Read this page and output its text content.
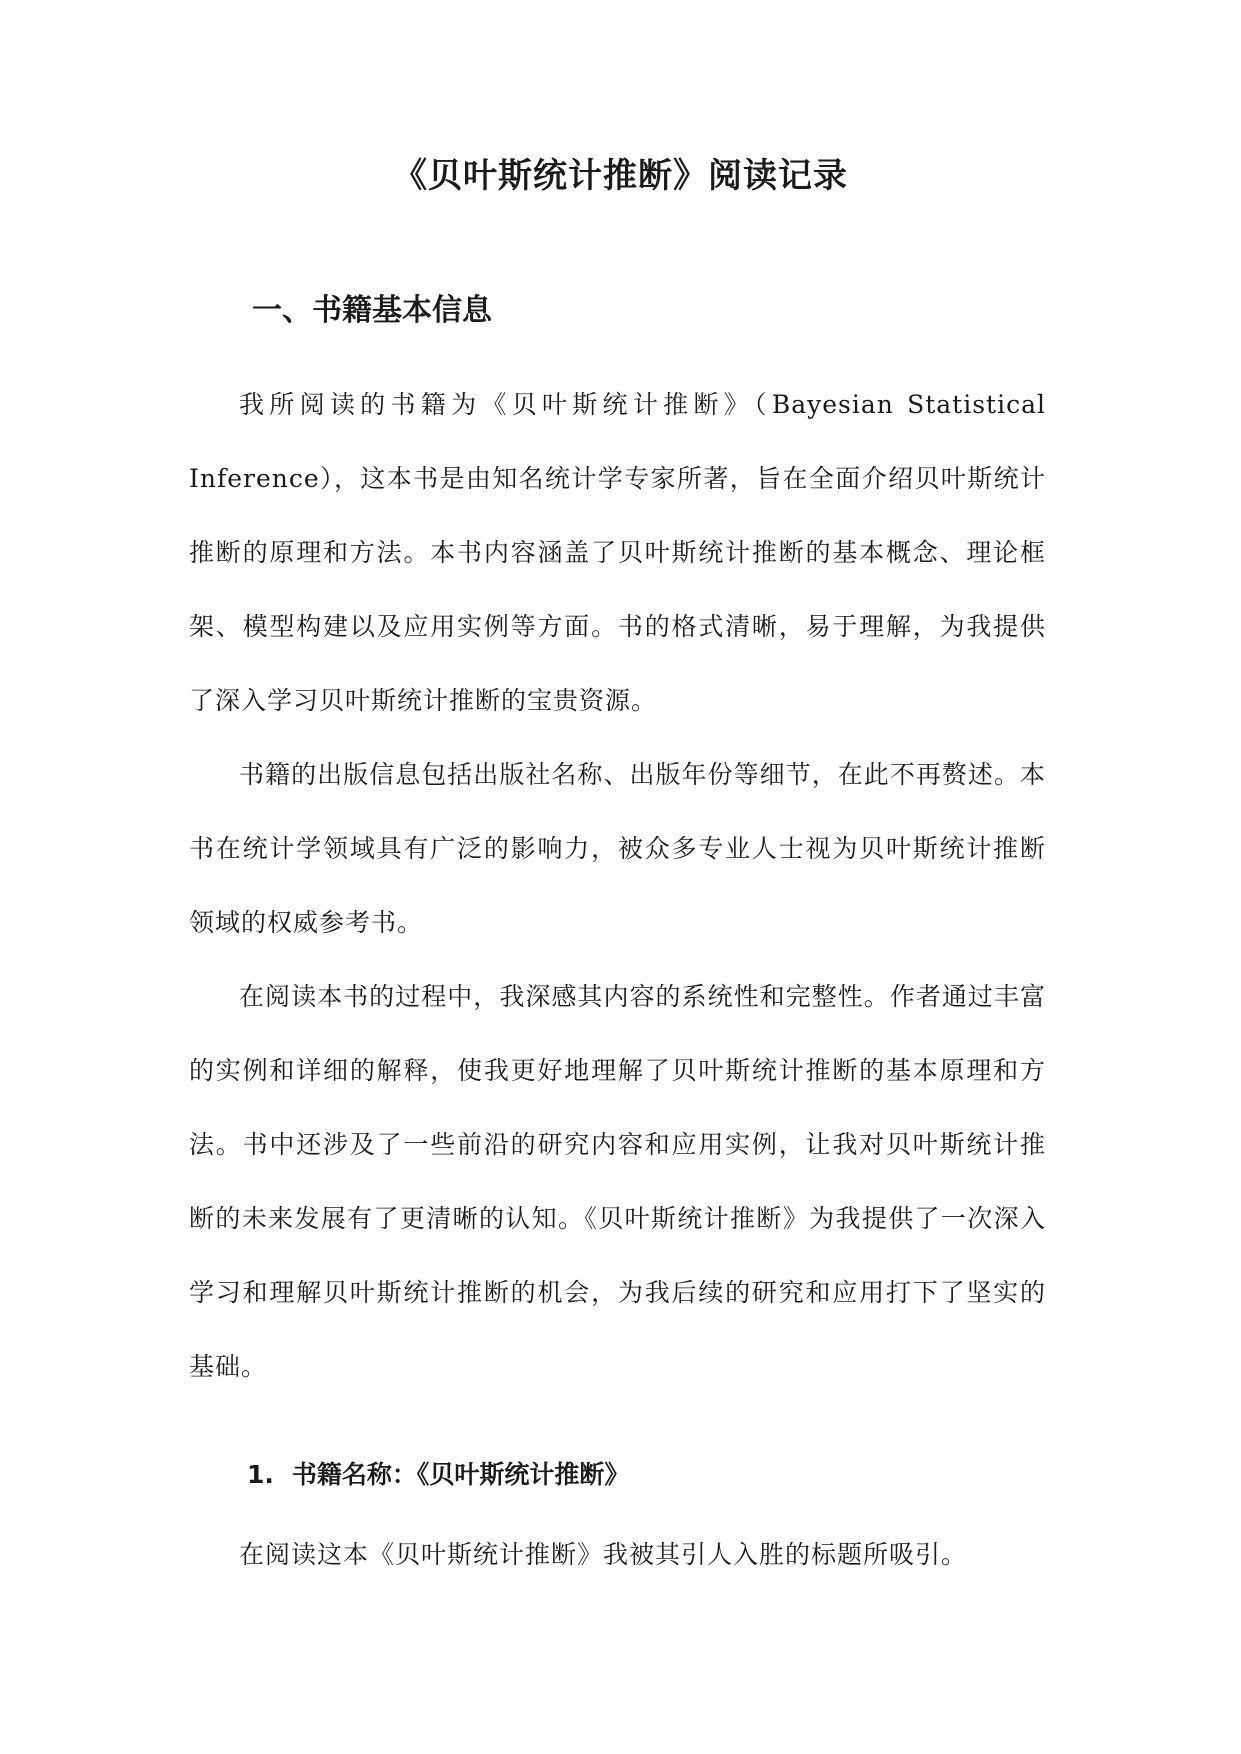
《贝叶斯统计推断》阅读记录
一、书籍基本信息

我所阅读的书籍为《贝叶斯统计推断》（Bayesian Statistical Inference），这本书是由知名统计学专家所著，旨在全面介绍贝叶斯统计推断的原理和方法。本书内容涵盖了贝叶斯统计推断的基本概念、理论框架、模型构建以及应用实例等方面。书的格式清晰，易于理解，为我提供了深入学习贝叶斯统计推断的宝贵资源。

书籍的出版信息包括出版社名称、出版年份等细节，在此不再赘述。本书在统计学领域具有广泛的影响力，被众多专业人士视为贝叶斯统计推断领域的权威参考书。

在阅读本书的过程中，我深感其内容的系统性和完整性。作者通过丰富的实例和详细的解释，使我更好地理解了贝叶斯统计推断的基本原理和方法。书中还涉及了一些前沿的研究内容和应用实例，让我对贝叶斯统计推断的未来发展有了更清晰的认知。《贝叶斯统计推断》为我提供了一次深入学习和理解贝叶斯统计推断的机会，为我后续的研究和应用打下了坚实的基础。

1. 书籍名称：《贝叶斯统计推断》

在阅读这本《贝叶斯统计推断》我被其引人入胜的标题所吸引。
